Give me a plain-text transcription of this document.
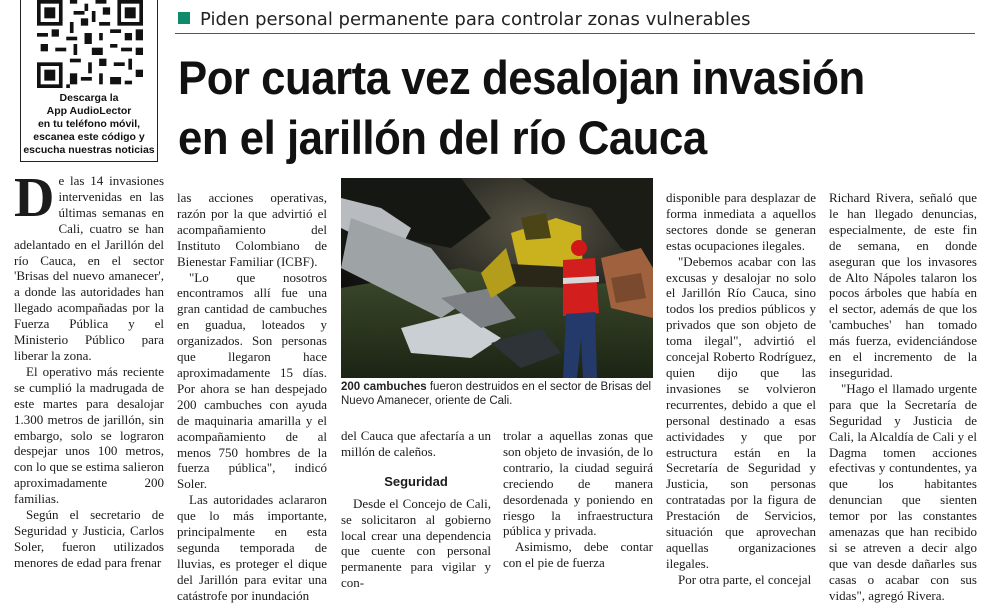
Descarga la
App AudioLector
en tu teléfono móvil,
escanea este código y
escucha nuestras noticias
Piden personal permanente para controlar zonas vulnerables
Por cuarta vez desalojan invasión
en el jarillón del río Cauca

De las 14 invasiones intervenidas en las últimas semanas en Cali, cuatro se han adelantado en el Jarillón del río Cauca, en el sector 'Brisas del nuevo amanecer', a donde las autoridades han llegado acompañadas por la Fuerza Pública y el Ministerio Público para liberar la zona.

El operativo más reciente se cumplió la madrugada de este martes para desalojar 1.300 metros de jarillón, sin embargo, solo se lograron despejar unos 100 metros, con lo que se estima salieron aproximadamente 200 familias.

Según el secretario de Seguridad y Justicia, Carlos Soler, fueron utilizados menores de edad para frenar

las acciones operativas, razón por la que advirtió el acompañamiento del Instituto Colombiano de Bienestar Familiar (ICBF).

"Lo que nosotros encontramos allí fue una gran cantidad de cambuches en guadua, loteados y organizados. Son personas que llegaron hace aproximadamente 15 días. Por ahora se han despejado 200 cambuches con ayuda de maquinaria amarilla y el acompañamiento de al menos 750 hombres de la fuerza pública", indicó Soler.

Las autoridades aclararon que lo más importante, principalmente en esta segunda temporada de lluvias, es proteger el dique del Jarillón para evitar una catástrofe por inundación

200 cambuches fueron destruidos en el sector de Brisas del Nuevo Amanecer, oriente de Cali.

del Cauca que afectaría a un millón de caleños.

Seguridad

Desde el Concejo de Cali, se solicitaron al gobierno local crear una dependencia que cuente con personal permanente para vigilar y con-

trolar a aquellas zonas que son objeto de invasión, de lo contrario, la ciudad seguirá creciendo de manera desordenada y poniendo en riesgo la infraestructura pública y privada.

Asimismo, debe contar con el pie de fuerza

disponible para desplazar de forma inmediata a aquellos sectores donde se generan estas ocupaciones ilegales.

"Debemos acabar con las excusas y desalojar no solo el Jarillón Río Cauca, sino todos los predios públicos y privados que son objeto de toma ilegal", advirtió el concejal Roberto Rodríguez, quien dijo que las invasiones se volvieron recurrentes, debido a que el personal destinado a esas actividades y que por estructura están en la Secretaría de Seguridad y Justicia, son personas contratadas por la figura de Prestación de Servicios, situación que aprovechan aquellas organizaciones ilegales.

Por otra parte, el concejal

Richard Rivera, señaló que le han llegado denuncias, especialmente, de este fin de semana, en donde aseguran que los invasores de Alto Nápoles talaron los pocos árboles que había en el sector, además de que los 'cambuches' han tomado más fuerza, evidenciándose en el incremento de la inseguridad.

"Hago el llamado urgente para que la Secretaría de Seguridad y Justicia de Cali, la Alcaldía de Cali y el Dagma tomen acciones efectivas y contundentes, ya que los habitantes denuncian que sienten temor por las constantes amenazas que han recibido si se atreven a decir algo que van desde dañarles sus casas o acabar con sus vidas", agregó Rivera.
